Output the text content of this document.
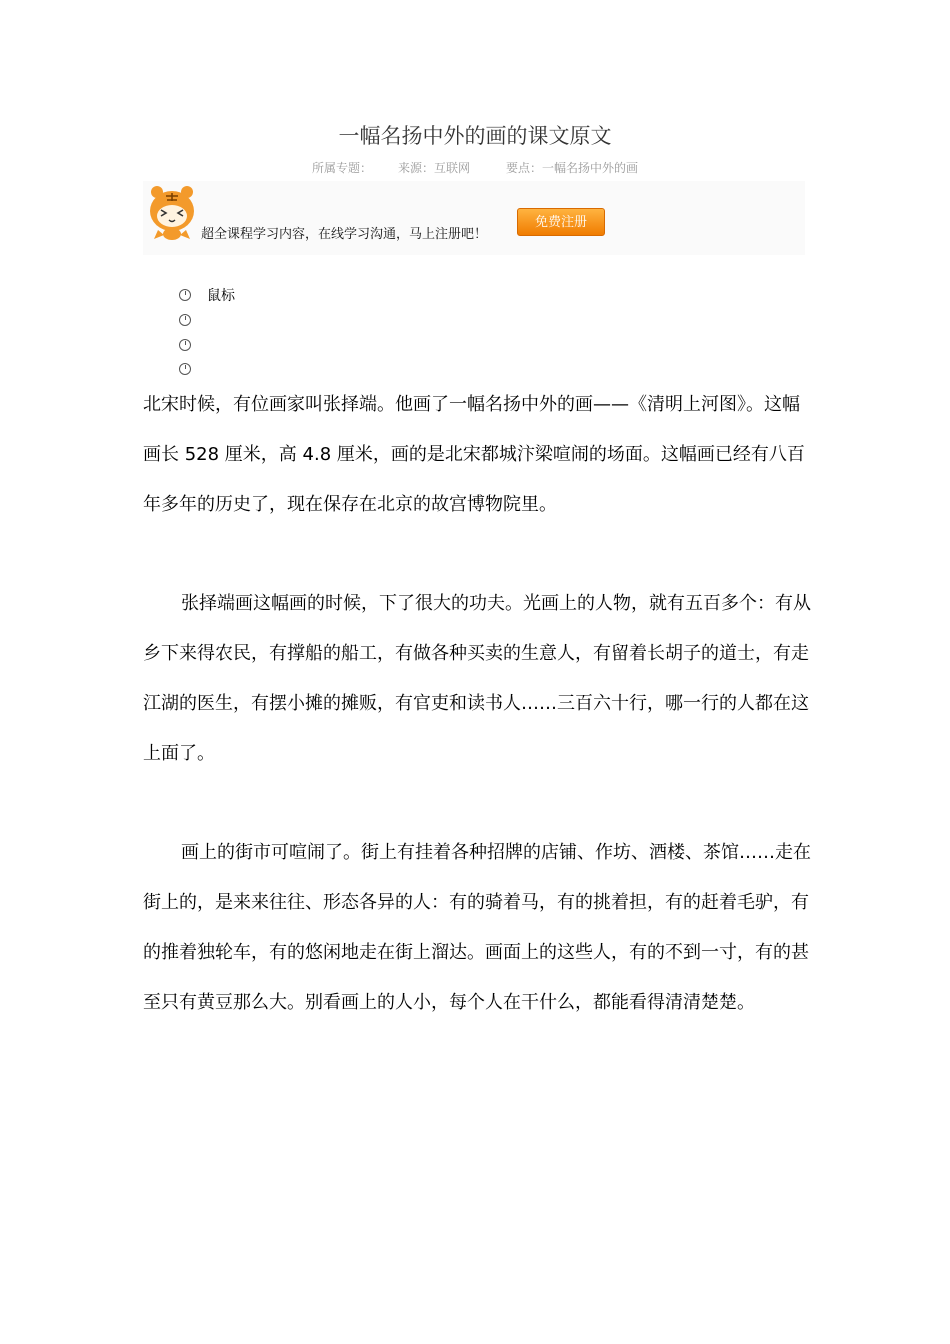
一幅名扬中外的画的课文原文
所属专题： 来源：互联网	要点：一幅名扬中外的画
超全课程学习内容，在线学习沟通，马上注册吧！
免费注册
鼠标

北宋时候，有位画家叫张择端。他画了一幅名扬中外的画——《清明上河图》。这幅画长 528 厘米，高 4.8 厘米，画的是北宋都城汴梁喧闹的场面。这幅画已经有八百年多年的历史了，现在保存在北京的故宫博物院里。

张择端画这幅画的时候，下了很大的功夫。光画上的人物，就有五百多个：有从乡下来得农民，有撑船的船工，有做各种买卖的生意人，有留着长胡子的道士，有走江湖的医生，有摆小摊的摊贩，有官吏和读书人……三百六十行，哪一行的人都在这上面了。

画上的街市可喧闹了。街上有挂着各种招牌的店铺、作坊、酒楼、茶馆……走在街上的，是来来往往、形态各异的人：有的骑着马，有的挑着担，有的赶着毛驴，有的推着独轮车，有的悠闲地走在街上溜达。画面上的这些人，有的不到一寸，有的甚至只有黄豆那么大。别看画上的人小，每个人在干什么，都能看得清清楚楚。
